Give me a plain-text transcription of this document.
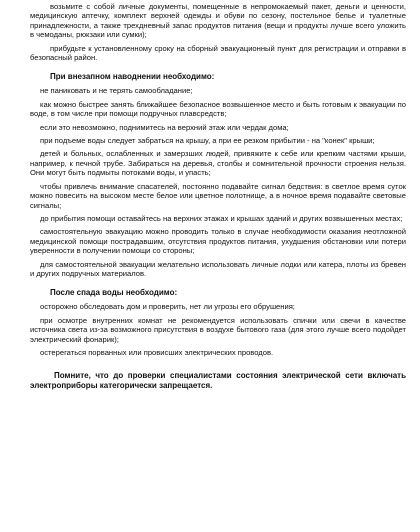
возьмите с собой личные документы, помещенные в непромокаемый пакет, деньги и ценности, медицинскую аптечку, комплект верхней одежды и обуви по сезону, постельное белье и туалетные принадлежности, а также трехдневный запас продуктов питания (вещи и продукты лучше всего уложить в чемоданы, рюкзаки или сумки);

прибудьте к установленному сроку на сборный эвакуационный пункт для регистрации и отправки в безопасный район.

При внезапном наводнении необходимо:

не паниковать и не терять самообладание;

как можно быстрее занять ближайшее безопасное возвышенное место и быть готовым к эвакуации по воде, в том числе при помощи подручных плавсредств;

если это невозможно, поднимитесь на верхний этаж или чердак дома;

при подъеме воды следует забраться на крышу, а при ее резком прибытии - на "конек" крыши;

детей и больных, ослабленных и замерзших людей, привяжите к себе или крепким частями крыши, например, к печной трубе. Забираться на деревья, столбы и сомнительной прочности строения нельзя. Они могут быть подмыты потоками воды, и упасть;

чтобы привлечь внимание спасателей, постоянно подавайте сигнал бедствия: в светлое время суток можно повесить на высоком месте белое или цветное полотнище, а в ночное время подавайте световые сигналы;

до прибытия помощи оставайтесь на верхних этажах и крышах зданий и других возвышенных местах;

самостоятельную эвакуацию можно проводить только в случае необходимости оказания неотложной медицинской помощи пострадавшим, отсутствия продуктов питания, ухудшения обстановки или потери уверенности в получении помощи со стороны;

для самостоятельной эвакуации желательно использовать личные лодки или катера, плоты из бревен и других подручных материалов.

После спада воды необходимо:

осторожно обследовать дом и проверить, нет ли угрозы его обрушения;

при осмотре внутренних комнат не рекомендуется использовать спички или свечи в качестве источника света из-за возможного присутствия в воздухе бытового газа (для этого лучше всего подойдет электрический фонарик);

остерегаться порванных или провисших электрических проводов.

Помните, что до проверки специалистами состояния электрической сети включать электроприборы категорически запрещается.
